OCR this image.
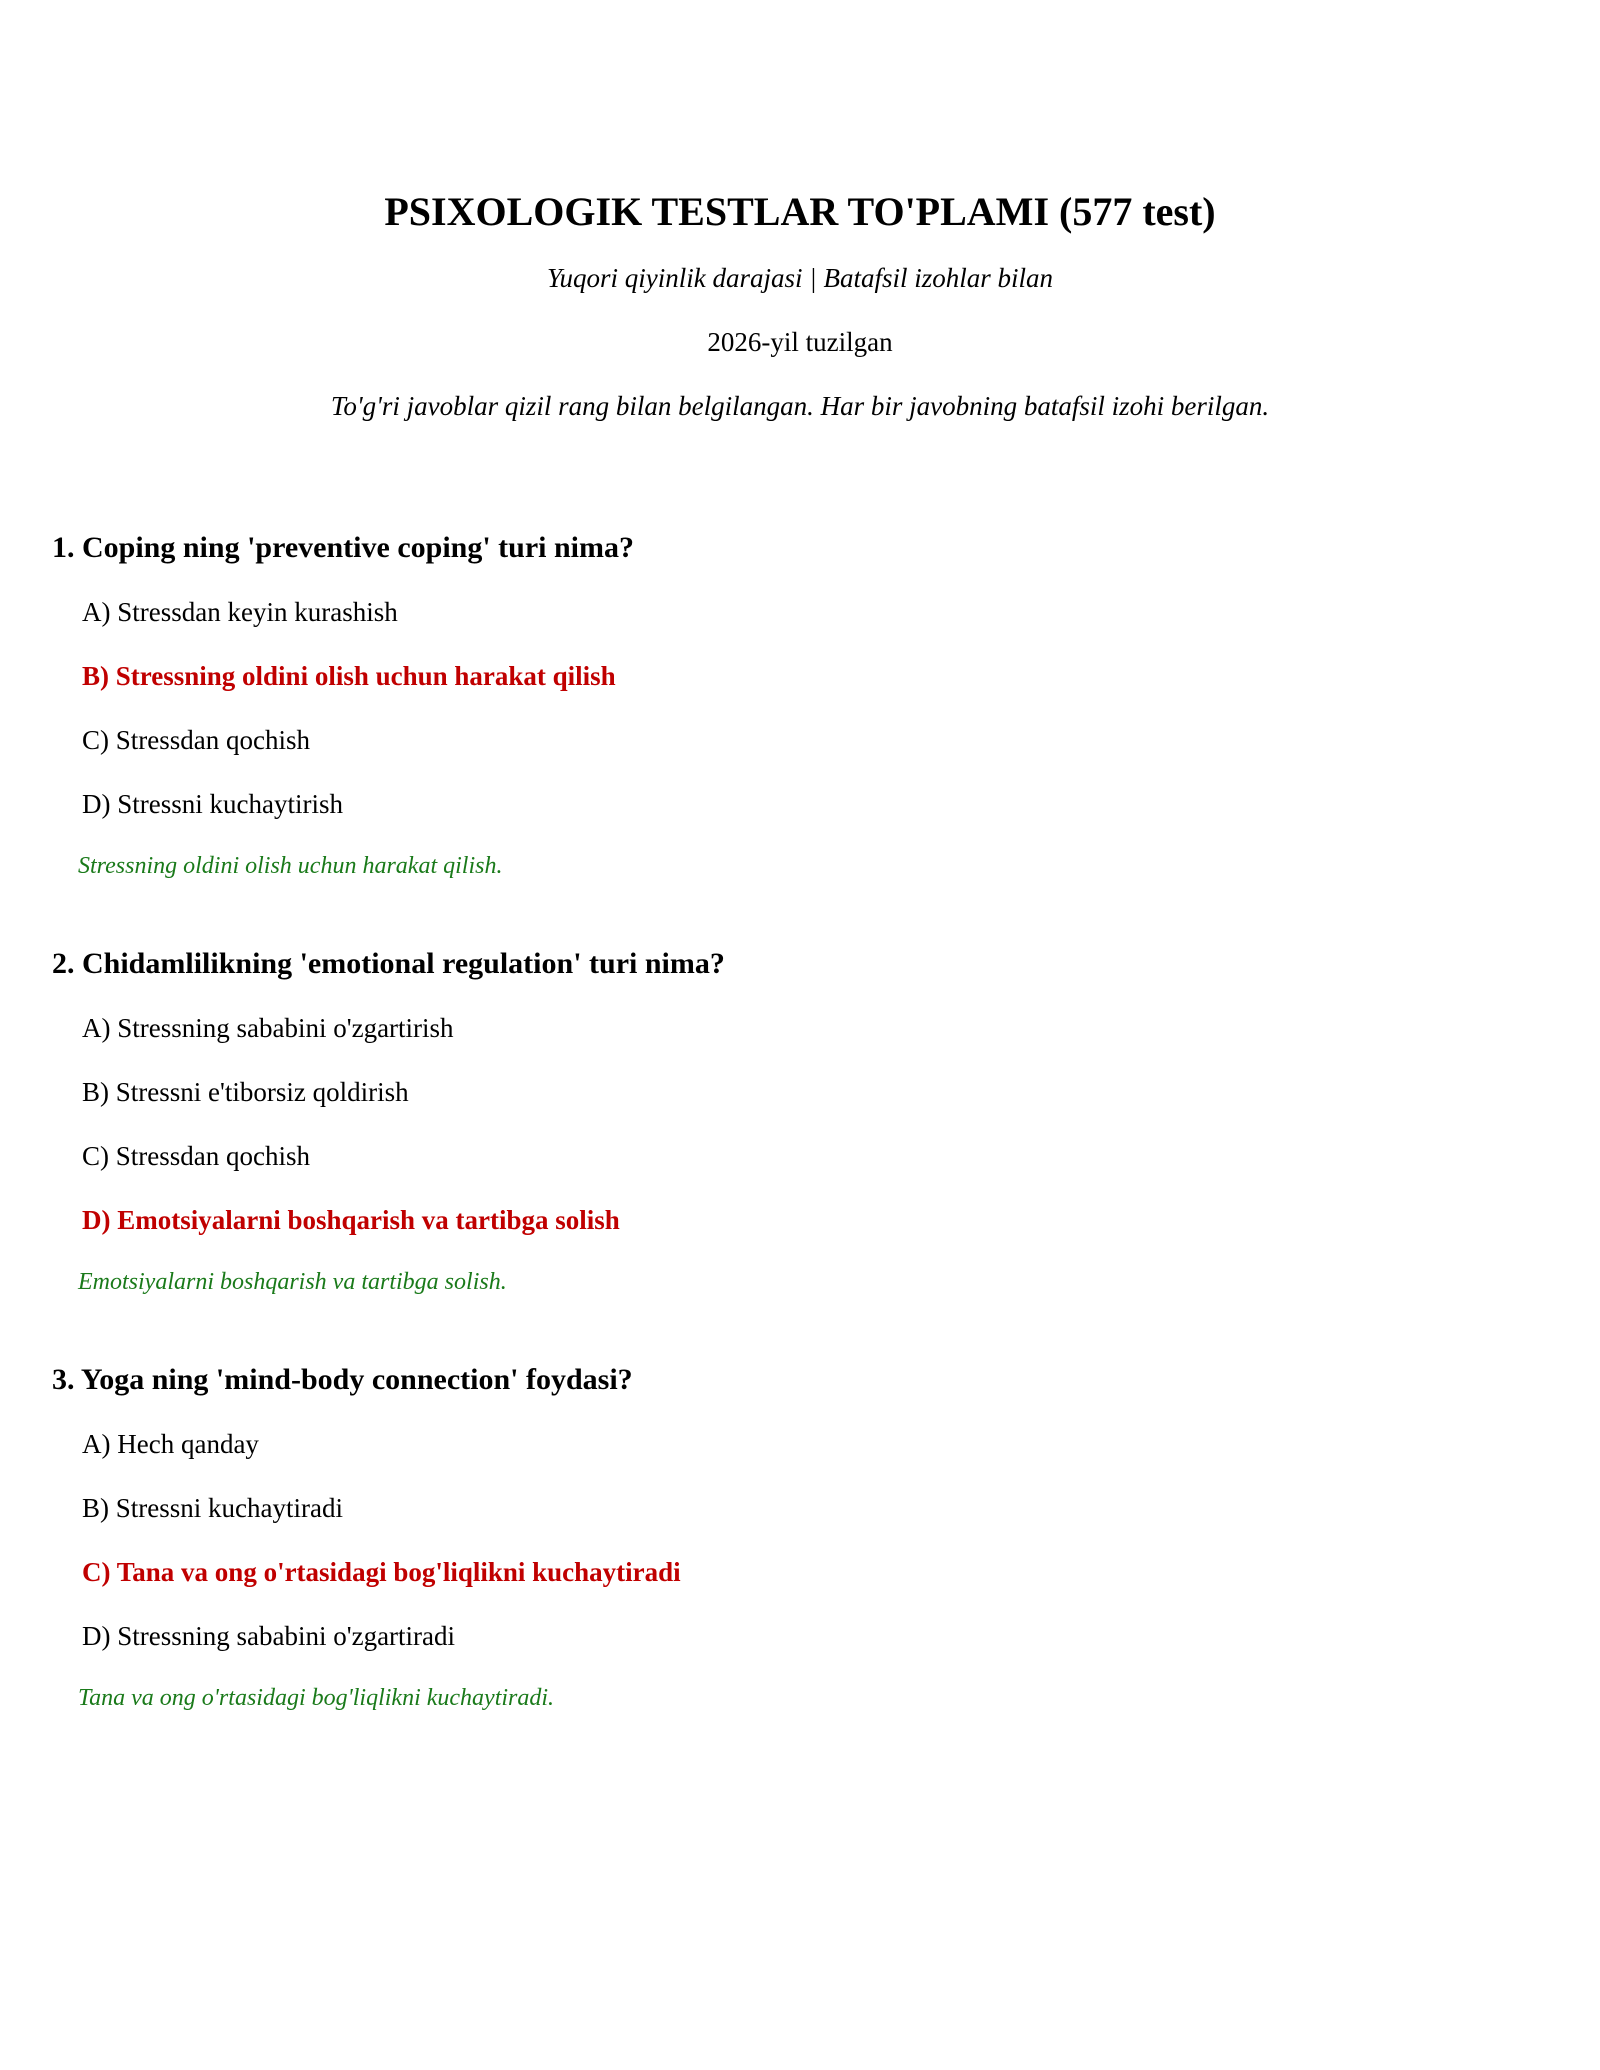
PSIXOLOGIK TESTLAR TO'PLAMI (577 test)
Yuqori qiyinlik darajasi | Batafsil izohlar bilan
2026-yil tuzilgan
To'g'ri javoblar qizil rang bilan belgilangan. Har bir javobning batafsil izohi berilgan.
1. Coping ning 'preventive coping' turi nima?
A) Stressdan keyin kurashish
B) Stressning oldini olish uchun harakat qilish
C) Stressdan qochish
D) Stressni kuchaytirish
Stressning oldini olish uchun harakat qilish.
2. Chidamlilikning 'emotional regulation' turi nima?
A) Stressning sababini o'zgartirish
B) Stressni e'tiborsiz qoldirish
C) Stressdan qochish
D) Emotsiyalarni boshqarish va tartibga solish
Emotsiyalarni boshqarish va tartibga solish.
3. Yoga ning 'mind-body connection' foydasi?
A) Hech qanday
B) Stressni kuchaytiradi
C) Tana va ong o'rtasidagi bog'liqlikni kuchaytiradi
D) Stressning sababini o'zgartiradi
Tana va ong o'rtasidagi bog'liqlikni kuchaytiradi.
